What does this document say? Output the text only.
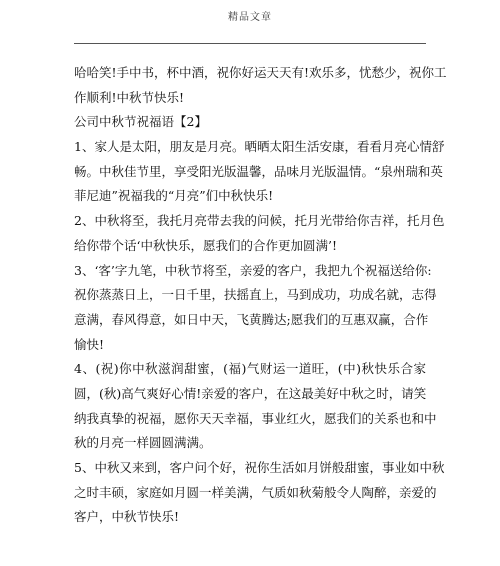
精品文章
哈哈笑!手中书，杯中酒，祝你好运天天有!欢乐多，忧愁少，祝你工
作顺利!中秋节快乐!
公司中秋节祝福语【2】
1、家人是太阳，朋友是月亮。晒晒太阳生活安康，看看月亮心情舒
畅。中秋佳节里，享受阳光版温馨，品味月光版温情。“泉州瑞和英
菲尼迪”祝福我的“月亮”们中秋快乐!
2、中秋将至，我托月亮带去我的问候，托月光带给你吉祥，托月色
给你带个话‘中秋快乐，愿我们的合作更加圆满’!
3、‘客’字九笔，中秋节将至，亲爱的客户，我把九个祝福送给你:
祝你蒸蒸日上，一日千里，扶摇直上，马到成功，功成名就，志得
意满，春风得意，如日中天，飞黄腾达;愿我们的互惠双赢，合作
愉快!
4、(祝)你中秋滋润甜蜜，(福)气财运一道旺，(中)秋快乐合家
圆，(秋)高气爽好心情!亲爱的客户，在这最美好中秋之时，请笑
纳我真挚的祝福，愿你天天幸福，事业红火，愿我们的关系也和中
秋的月亮一样圆圆满满。
5、中秋又来到，客户问个好，祝你生活如月饼般甜蜜，事业如中秋
之时丰硕，家庭如月圆一样美满，气质如秋菊般令人陶醉，亲爱的
客户，中秋节快乐!
